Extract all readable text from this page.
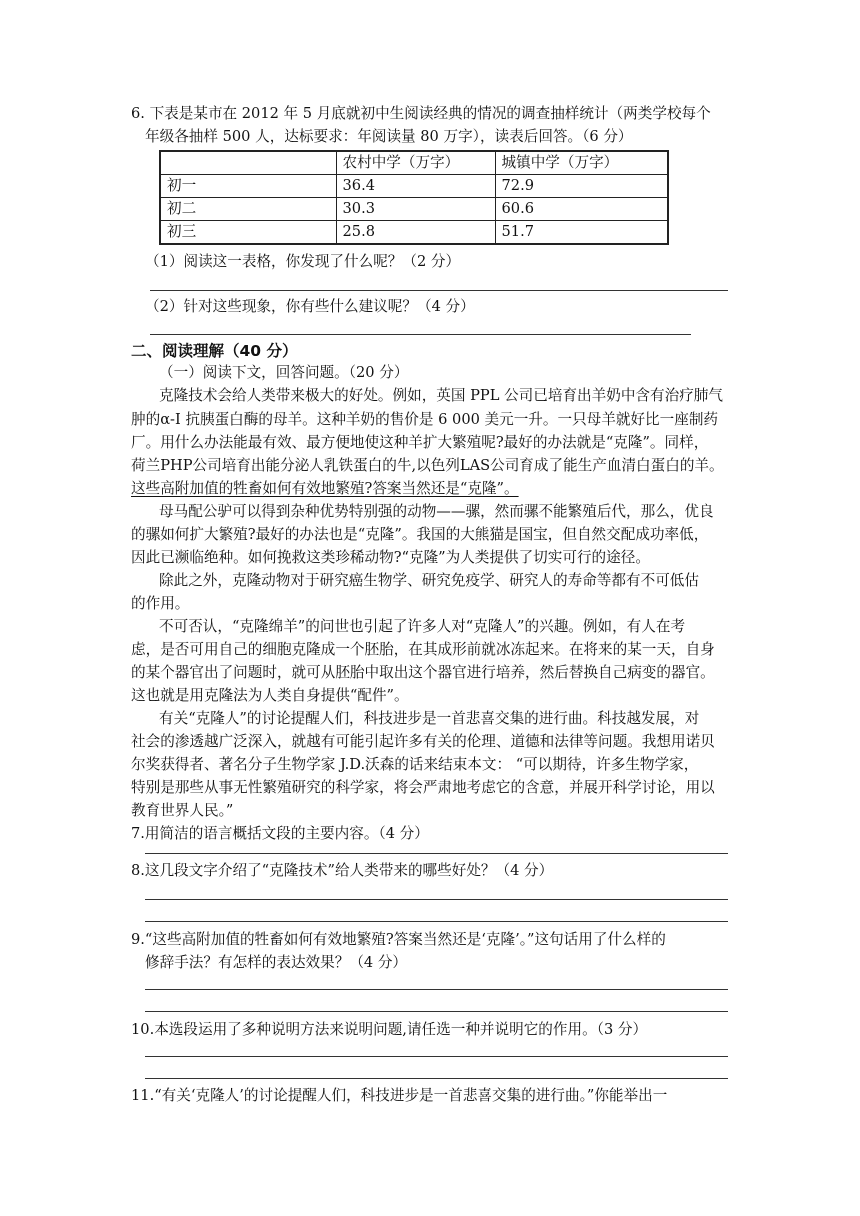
6. 下表是某市在 2012 年 5 月底就初中生阅读经典的情况的调查抽样统计（两类学校每个
年级各抽样 500 人，达标要求：年阅读量 80 万字），读表后回答。（6 分）
	农村中学（万字）	城镇中学（万字）
初一	36.4	72.9
初二	30.3	60.6
初三	25.8	51.7
（1）阅读这一表格，你发现了什么呢？（2 分）
（2）针对这些现象，你有些什么建议呢？（4 分）
二、阅读理解（40 分）
（一）阅读下文，回答问题。（20 分）
克隆技术会给人类带来极大的好处。例如，英国 PPL 公司已培育出羊奶中含有治疗肺气
肿的α-I 抗胰蛋白酶的母羊。这种羊奶的售价是 6 000 美元一升。一只母羊就好比一座制药
厂。用什么办法能最有效、最方便地使这种羊扩大繁殖呢?最好的办法就是“克隆”。同样，
荷兰PHP公司培育出能分泌人乳铁蛋白的牛,以色列LAS公司育成了能生产血清白蛋白的羊。
这些高附加值的牲畜如何有效地繁殖?答案当然还是“克隆”。
母马配公驴可以得到杂种优势特别强的动物——骡，然而骡不能繁殖后代，那么，优良
的骡如何扩大繁殖?最好的办法也是“克隆”。我国的大熊猫是国宝，但自然交配成功率低，
因此已濒临绝种。如何挽救这类珍稀动物?“克隆”为人类提供了切实可行的途径。
除此之外，克隆动物对于研究癌生物学、研究免疫学、研究人的寿命等都有不可低估
的作用。
不可否认，“克隆绵羊”的问世也引起了许多人对“克隆人”的兴趣。例如，有人在考
虑，是否可用自己的细胞克隆成一个胚胎，在其成形前就冰冻起来。在将来的某一天，自身
的某个器官出了问题时，就可从胚胎中取出这个器官进行培养，然后替换自己病变的器官。
这也就是用克隆法为人类自身提供“配件”。
有关“克隆人”的讨论提醒人们，科技进步是一首悲喜交集的进行曲。科技越发展，对
社会的渗透越广泛深入，就越有可能引起许多有关的伦理、道德和法律等问题。我想用诺贝
尔奖获得者、著名分子生物学家 J.D.沃森的话来结束本文： “可以期待，许多生物学家，
特别是那些从事无性繁殖研究的科学家，将会严肃地考虑它的含意，并展开科学讨论，用以
教育世界人民。”
7.用简洁的语言概括文段的主要内容。（4 分）
8.这几段文字介绍了“克隆技术”给人类带来的哪些好处？（4 分）
9.“这些高附加值的牲畜如何有效地繁殖?答案当然还是‘克隆’。”这句话用了什么样的
修辞手法？有怎样的表达效果？（4 分）
10.本选段运用了多种说明方法来说明问题,请任选一种并说明它的作用。（3 分）
11.“有关‘克隆人’的讨论提醒人们，科技进步是一首悲喜交集的进行曲。”你能举出一
